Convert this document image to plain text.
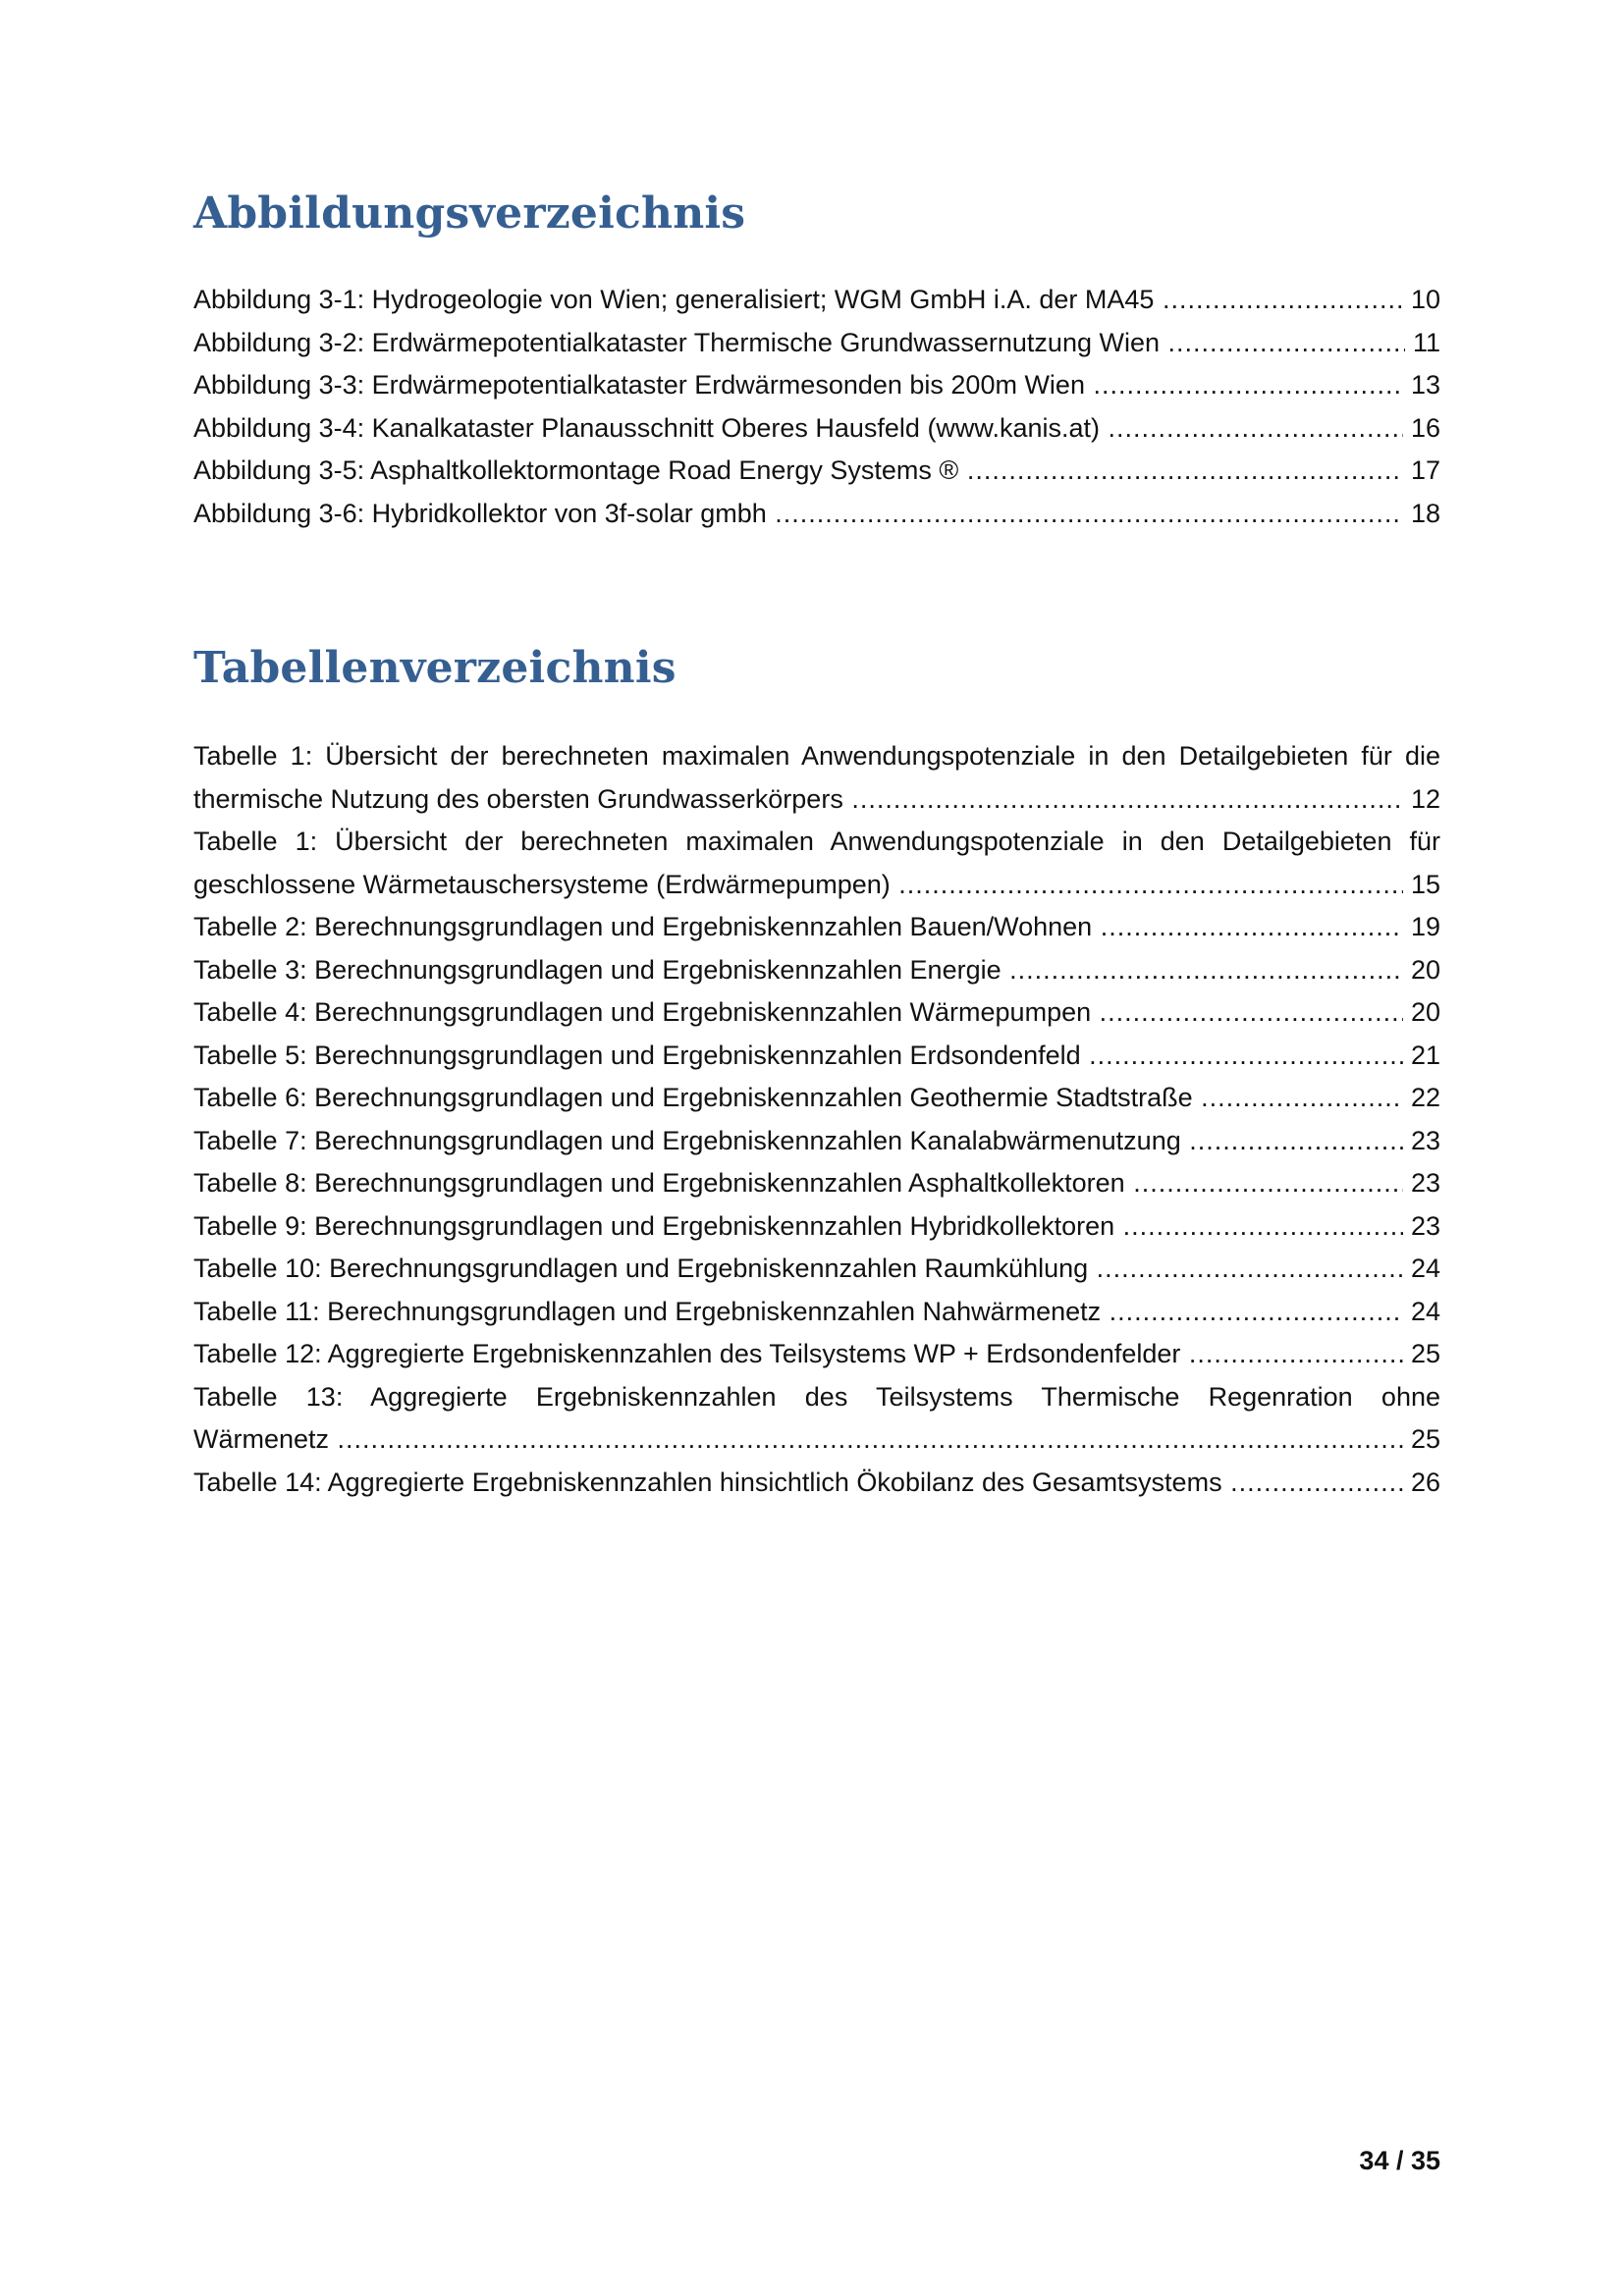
Abbildungsverzeichnis
Abbildung 3-1: Hydrogeologie von Wien; generalisiert; WGM GmbH i.A. der MA45 .....	10
Abbildung 3-2: Erdwärmepotentialkataster Thermische Grundwassernutzung Wien .....	11
Abbildung 3-3: Erdwärmepotentialkataster Erdwärmesonden bis 200m Wien .....	13
Abbildung 3-4: Kanalkataster Planausschnitt Oberes Hausfeld (www.kanis.at) .....	16
Abbildung 3-5: Asphaltkollektormontage Road Energy Systems ® .....	17
Abbildung 3-6: Hybridkollektor von 3f-solar gmbh .....	18
Tabellenverzeichnis
Tabelle 1: Übersicht der berechneten maximalen Anwendungspotenziale in den Detailgebieten für die
thermische Nutzung des obersten Grundwasserkörpers .....	12
Tabelle 1: Übersicht der berechneten maximalen Anwendungspotenziale in den Detailgebieten für
geschlossene Wärmetauschersysteme (Erdwärmepumpen) .....	15
Tabelle 2: Berechnungsgrundlagen und Ergebniskennzahlen Bauen/Wohnen .....	19
Tabelle 3: Berechnungsgrundlagen und Ergebniskennzahlen Energie .....	20
Tabelle 4: Berechnungsgrundlagen und Ergebniskennzahlen Wärmepumpen .....	20
Tabelle 5: Berechnungsgrundlagen und Ergebniskennzahlen Erdsondenfeld .....	21
Tabelle 6: Berechnungsgrundlagen und Ergebniskennzahlen Geothermie Stadtstraße .....	22
Tabelle 7: Berechnungsgrundlagen und Ergebniskennzahlen Kanalabwärmenutzung .....	23
Tabelle 8: Berechnungsgrundlagen und Ergebniskennzahlen Asphaltkollektoren .....	23
Tabelle 9: Berechnungsgrundlagen und Ergebniskennzahlen Hybridkollektoren .....	23
Tabelle 10: Berechnungsgrundlagen und Ergebniskennzahlen Raumkühlung .....	24
Tabelle 11: Berechnungsgrundlagen und Ergebniskennzahlen Nahwärmenetz .....	24
Tabelle 12: Aggregierte Ergebniskennzahlen des Teilsystems WP + Erdsondenfelder .....	25
Tabelle 13: Aggregierte Ergebniskennzahlen des Teilsystems Thermische Regenration ohne
Wärmenetz .....	25
Tabelle 14: Aggregierte Ergebniskennzahlen hinsichtlich Ökobilanz des Gesamtsystems .....	26
34 / 35
